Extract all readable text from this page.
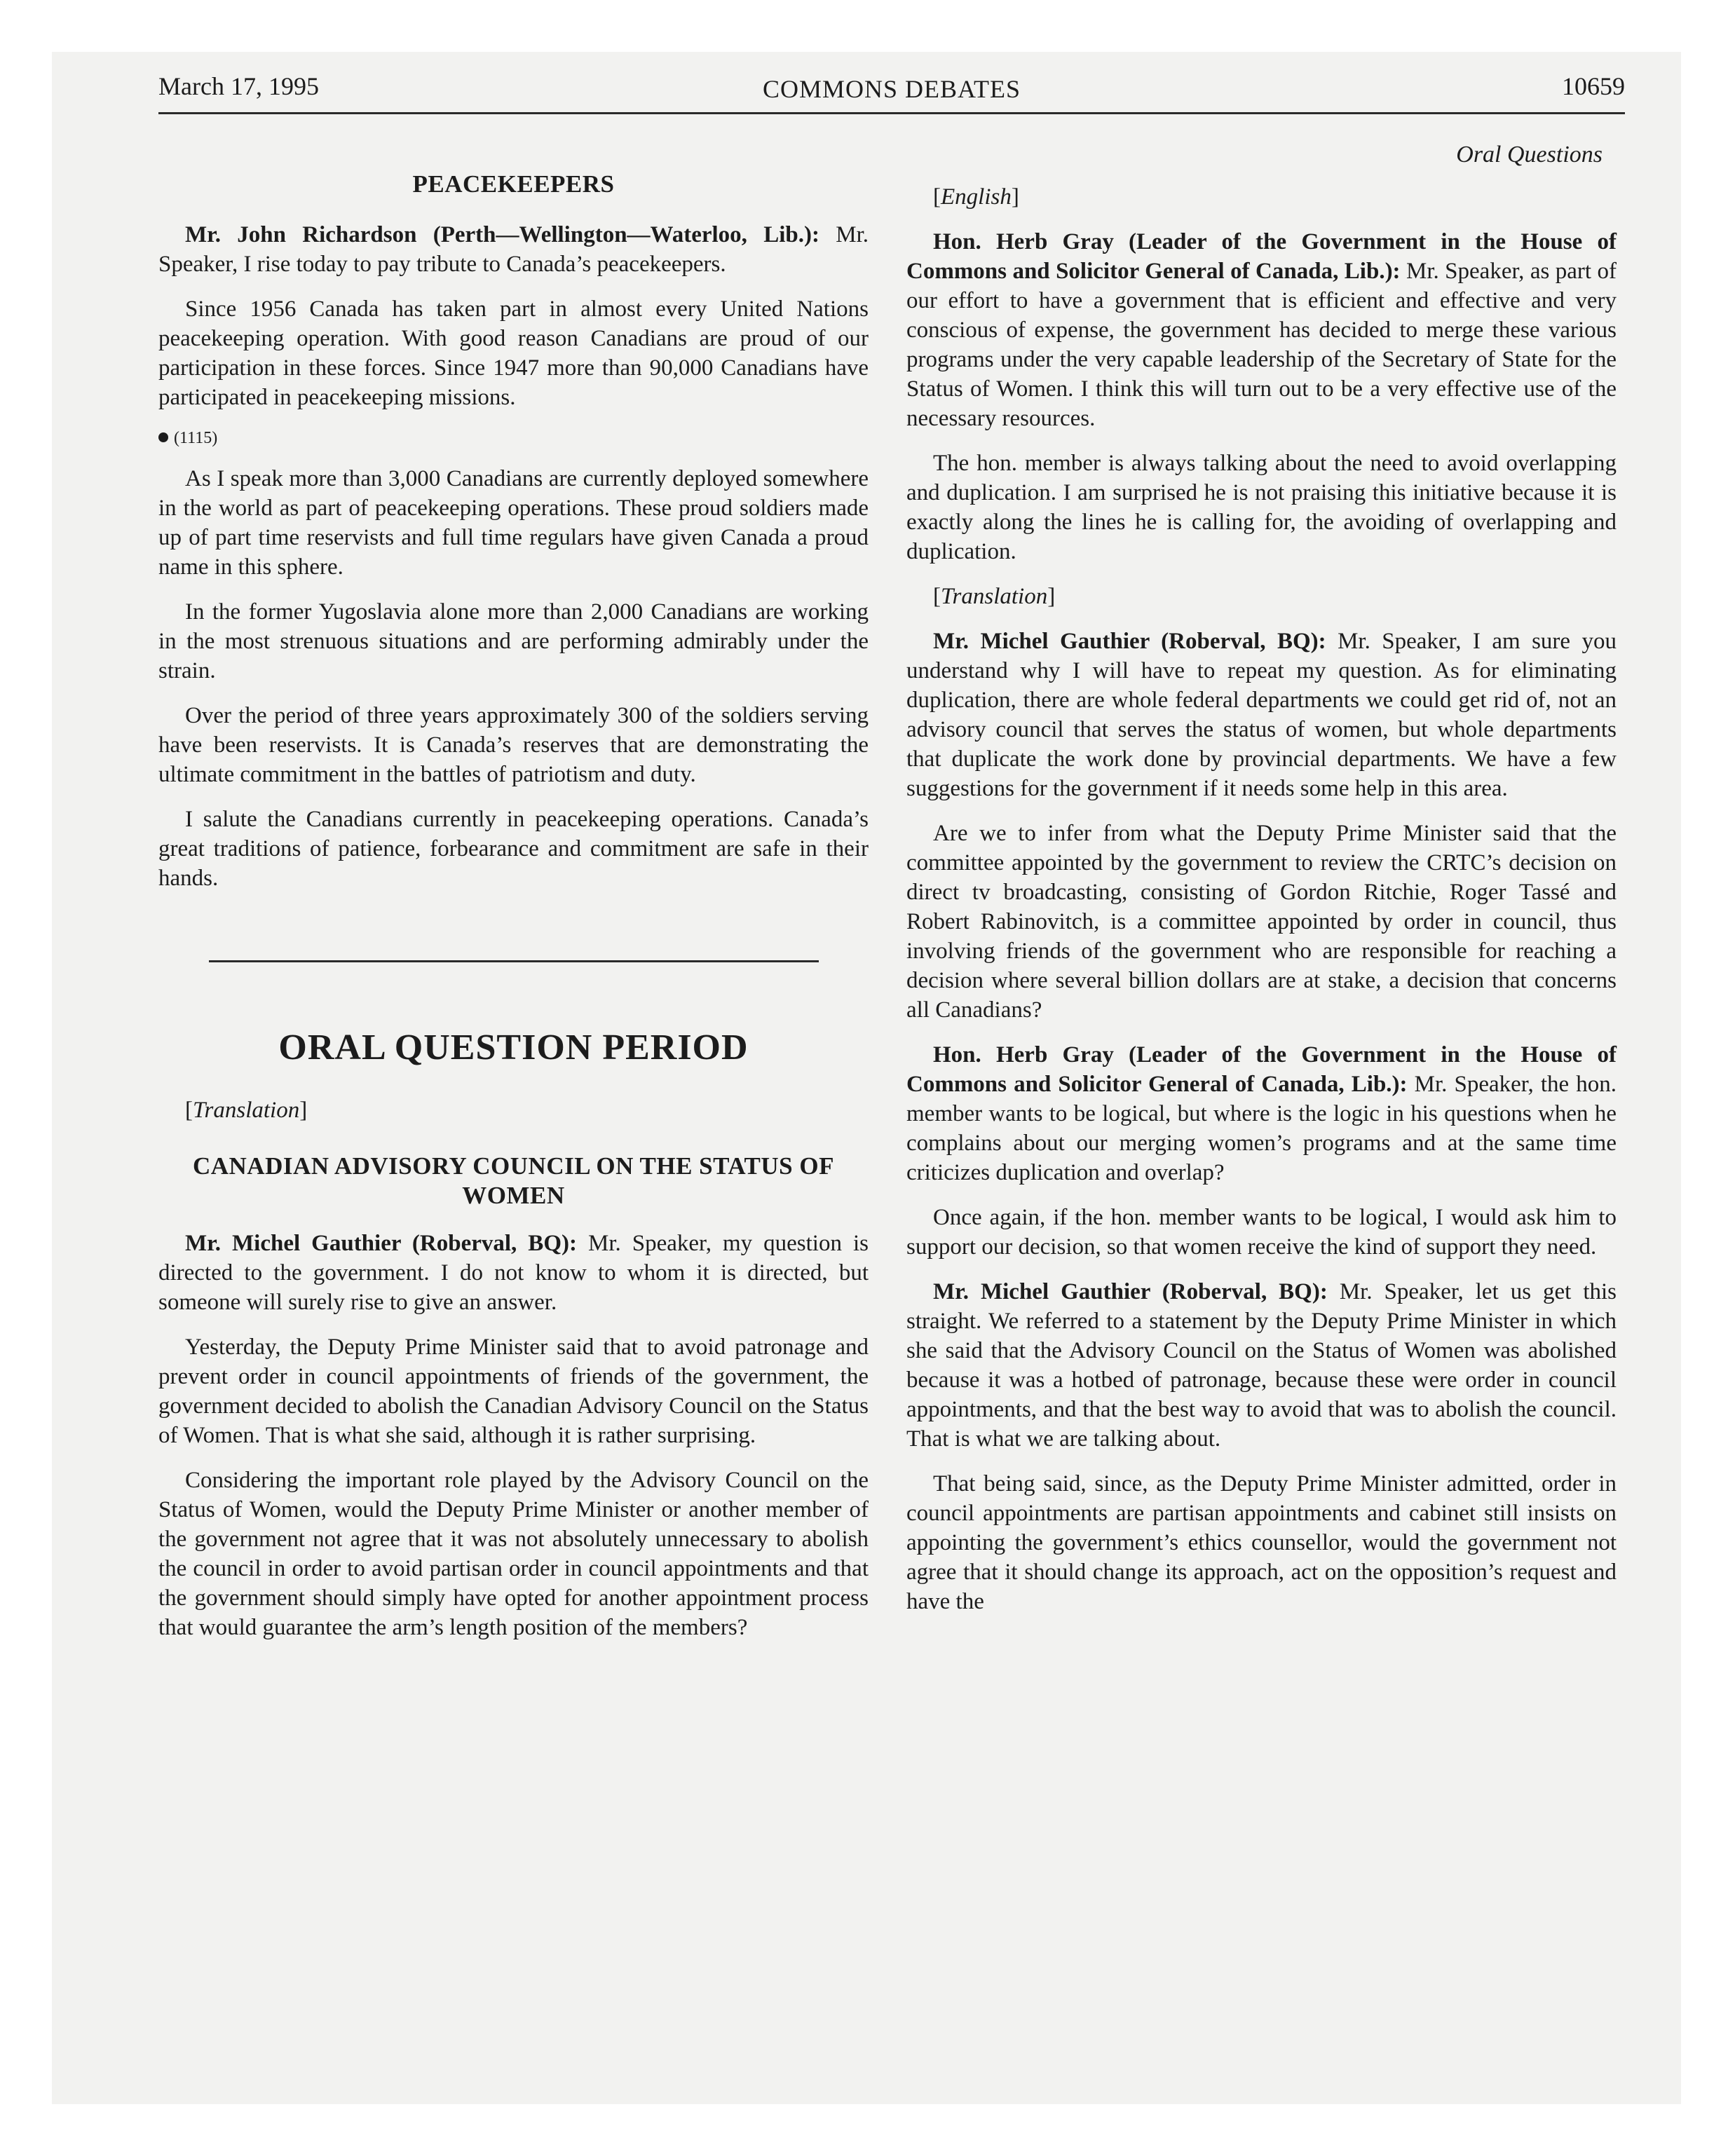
March 17, 1995	COMMONS DEBATES	10659
PEACEKEEPERS

Mr. John Richardson (Perth—Wellington—Waterloo, Lib.): Mr. Speaker, I rise today to pay tribute to Canada’s peacekeepers.

Since 1956 Canada has taken part in almost every United Nations peacekeeping operation. With good reason Canadians are proud of our participation in these forces. Since 1947 more than 90,000 Canadians have participated in peacekeeping missions.

(1115)

As I speak more than 3,000 Canadians are currently deployed somewhere in the world as part of peacekeeping operations. These proud soldiers made up of part time reservists and full time regulars have given Canada a proud name in this sphere.

In the former Yugoslavia alone more than 2,000 Canadians are working in the most strenuous situations and are performing admirably under the strain.

Over the period of three years approximately 300 of the soldiers serving have been reservists. It is Canada’s reserves that are demonstrating the ultimate commitment in the battles of patriotism and duty.

I salute the Canadians currently in peacekeeping operations. Canada’s great traditions of patience, forbearance and commitment are safe in their hands.

ORAL QUESTION PERIOD

[Translation]

CANADIAN ADVISORY COUNCIL ON THE STATUS OF WOMEN

Mr. Michel Gauthier (Roberval, BQ): Mr. Speaker, my question is directed to the government. I do not know to whom it is directed, but someone will surely rise to give an answer.

Yesterday, the Deputy Prime Minister said that to avoid patronage and prevent order in council appointments of friends of the government, the government decided to abolish the Canadian Advisory Council on the Status of Women. That is what she said, although it is rather surprising.

Considering the important role played by the Advisory Council on the Status of Women, would the Deputy Prime Minister or another member of the government not agree that it was not absolutely unnecessary to abolish the council in order to avoid partisan order in council appointments and that the government should simply have opted for another appointment process that would guarantee the arm’s length position of the members?

Oral Questions

[English]

Hon. Herb Gray (Leader of the Government in the House of Commons and Solicitor General of Canada, Lib.): Mr. Speaker, as part of our effort to have a government that is efficient and effective and very conscious of expense, the government has decided to merge these various programs under the very capable leadership of the Secretary of State for the Status of Women. I think this will turn out to be a very effective use of the necessary resources.

The hon. member is always talking about the need to avoid overlapping and duplication. I am surprised he is not praising this initiative because it is exactly along the lines he is calling for, the avoiding of overlapping and duplication.

[Translation]

Mr. Michel Gauthier (Roberval, BQ): Mr. Speaker, I am sure you understand why I will have to repeat my question. As for eliminating duplication, there are whole federal departments we could get rid of, not an advisory council that serves the status of women, but whole departments that duplicate the work done by provincial departments. We have a few suggestions for the government if it needs some help in this area.

Are we to infer from what the Deputy Prime Minister said that the committee appointed by the government to review the CRTC’s decision on direct tv broadcasting, consisting of Gordon Ritchie, Roger Tassé and Robert Rabinovitch, is a committee appointed by order in council, thus involving friends of the government who are responsible for reaching a decision where several billion dollars are at stake, a decision that concerns all Canadians?

Hon. Herb Gray (Leader of the Government in the House of Commons and Solicitor General of Canada, Lib.): Mr. Speaker, the hon. member wants to be logical, but where is the logic in his questions when he complains about our merging women’s programs and at the same time criticizes duplication and overlap?

Once again, if the hon. member wants to be logical, I would ask him to support our decision, so that women receive the kind of support they need.

Mr. Michel Gauthier (Roberval, BQ): Mr. Speaker, let us get this straight. We referred to a statement by the Deputy Prime Minister in which she said that the Advisory Council on the Status of Women was abolished because it was a hotbed of patronage, because these were order in council appointments, and that the best way to avoid that was to abolish the council. That is what we are talking about.

That being said, since, as the Deputy Prime Minister admitted, order in council appointments are partisan appointments and cabinet still insists on appointing the government’s ethics counsellor, would the government not agree that it should change its approach, act on the opposition’s request and have the
